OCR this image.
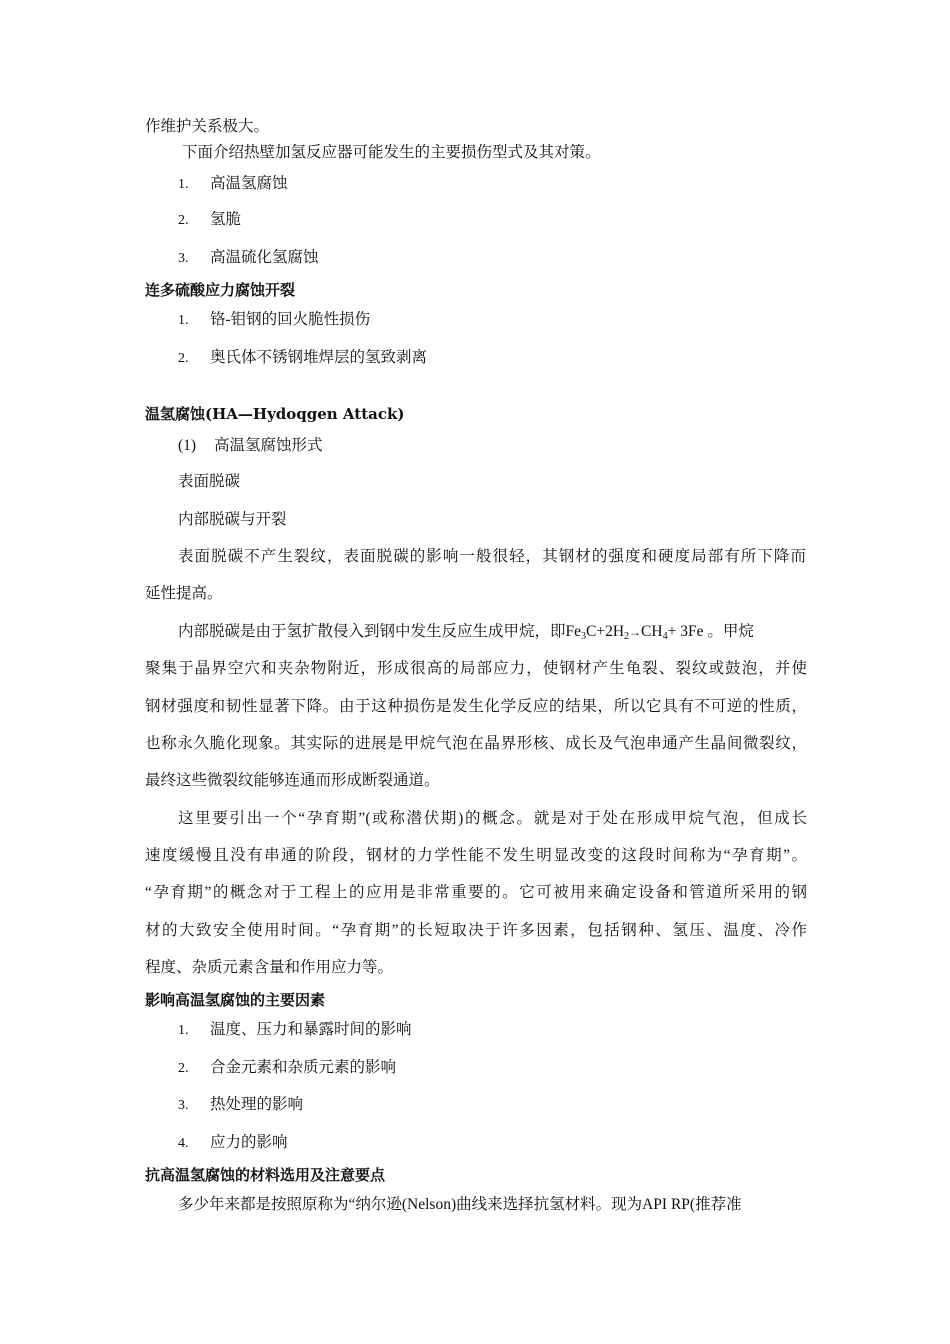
作维护关系极大。
下面介绍热壁加氢反应器可能发生的主要损伤型式及其对策。
1. 高温氢腐蚀
2. 氢脆
3. 高温硫化氢腐蚀
连多硫酸应力腐蚀开裂
1. 铬-钼钢的回火脆性损伤
2. 奥氏体不锈钢堆焊层的氢致剥离
温氢腐蚀(HA—Hydoqgen Attack)
(1) 高温氢腐蚀形式
表面脱碳
内部脱碳与开裂
表面脱碳不产生裂纹，表面脱碳的影响一般很轻，其钢材的强度和硬度局部有所下降而
延性提高。
内部脱碳是由于氢扩散侵入到钢中发生反应生成甲烷，即$Fe_3C+2H_2\to CH_4+ 3Fe$ 。甲烷
聚集于晶界空穴和夹杂物附近，形成很高的局部应力，使钢材产生龟裂、裂纹或鼓泡，并使
钢材强度和韧性显著下降。由于这种损伤是发生化学反应的结果，所以它具有不可逆的性质，
也称永久脆化现象。其实际的进展是甲烷气泡在晶界形核、成长及气泡串通产生晶间微裂纹，
最终这些微裂纹能够连通而形成断裂通道。
这里要引出一个“孕育期”(或称潜伏期)的概念。就是对于处在形成甲烷气泡，但成长
速度缓慢且没有串通的阶段，钢材的力学性能不发生明显改变的这段时间称为“孕育期”。
“孕育期”的概念对于工程上的应用是非常重要的。它可被用来确定设备和管道所采用的钢
材的大致安全使用时间。“孕育期”的长短取决于许多因素，包括钢种、氢压、温度、冷作
程度、杂质元素含量和作用应力等。
影响高温氢腐蚀的主要因素
1. 温度、压力和暴露时间的影响
2. 合金元素和杂质元素的影响
3. 热处理的影响
4. 应力的影响
抗高温氢腐蚀的材料选用及注意要点
多少年来都是按照原称为“纳尔逊(Nelson)曲线来选择抗氢材料。现为API RP(推荐准
